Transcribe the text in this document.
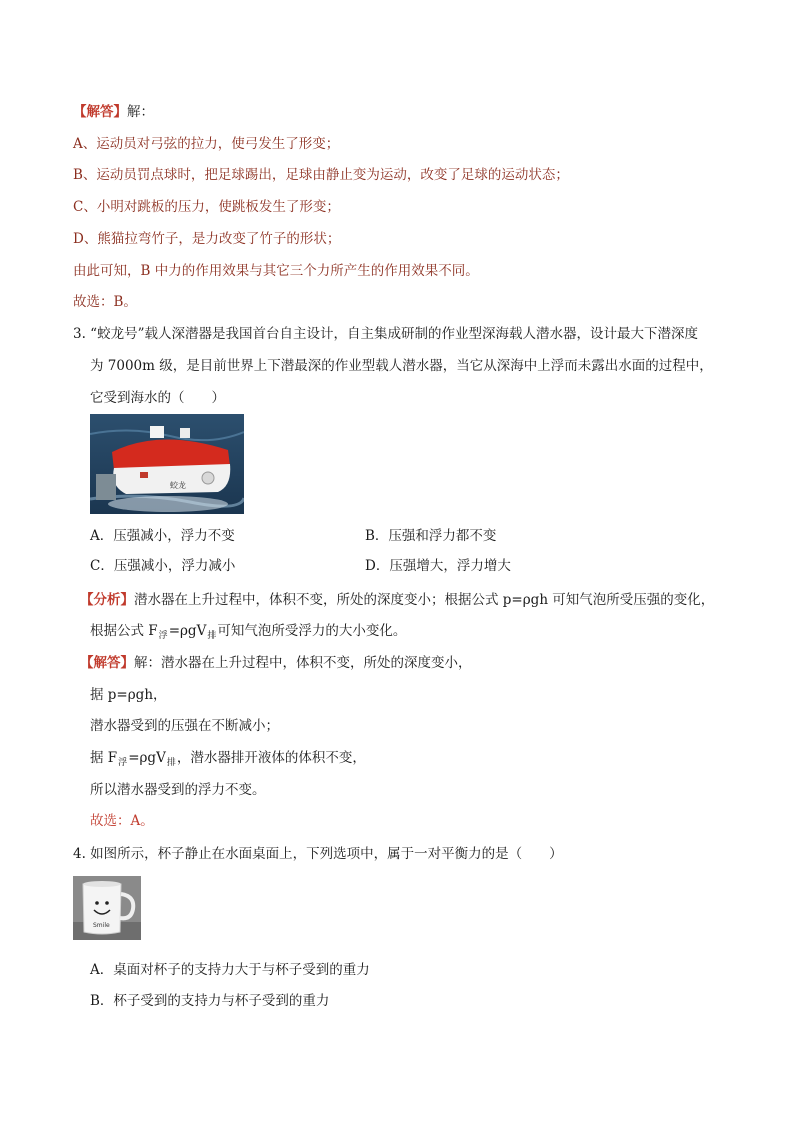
【解答】解：
A、运动员对弓弦的拉力，使弓发生了形变；
B、运动员罚点球时，把足球踢出，足球由静止变为运动，改变了足球的运动状态；
C、小明对跳板的压力，使跳板发生了形变；
D、熊猫拉弯竹子，是力改变了竹子的形状；
由此可知，B 中力的作用效果与其它三个力所产生的作用效果不同。
故选：B。
3. “蛟龙号”载人深潜器是我国首台自主设计，自主集成研制的作业型深海载人潜水器，设计最大下潜深度
为 7000m 级，是目前世界上下潜最深的作业型载人潜水器，当它从深海中上浮而未露出水面的过程中，
它受到海水的（　　）
蛟龙
A．压强减小，浮力不变	B．压强和浮力都不变
C．压强减小，浮力减小	D．压强增大，浮力增大
【分析】潜水器在上升过程中，体积不变，所处的深度变小；根据公式 p=ρgh 可知气泡所受压强的变化，
根据公式 $F_浮=\rho gV_排$可知气泡所受浮力的大小变化。
【解答】解：潜水器在上升过程中，体积不变，所处的深度变小，
据 p=ρgh，
潜水器受到的压强在不断减小；
据 $F_浮=\rho gV_排$，潜水器排开液体的体积不变，
所以潜水器受到的浮力不变。
故选：A。
4. 如图所示，杯子静止在水面桌面上，下列选项中，属于一对平衡力的是（　　）
Smile
A．桌面对杯子的支持力大于与杯子受到的重力
B．杯子受到的支持力与杯子受到的重力
